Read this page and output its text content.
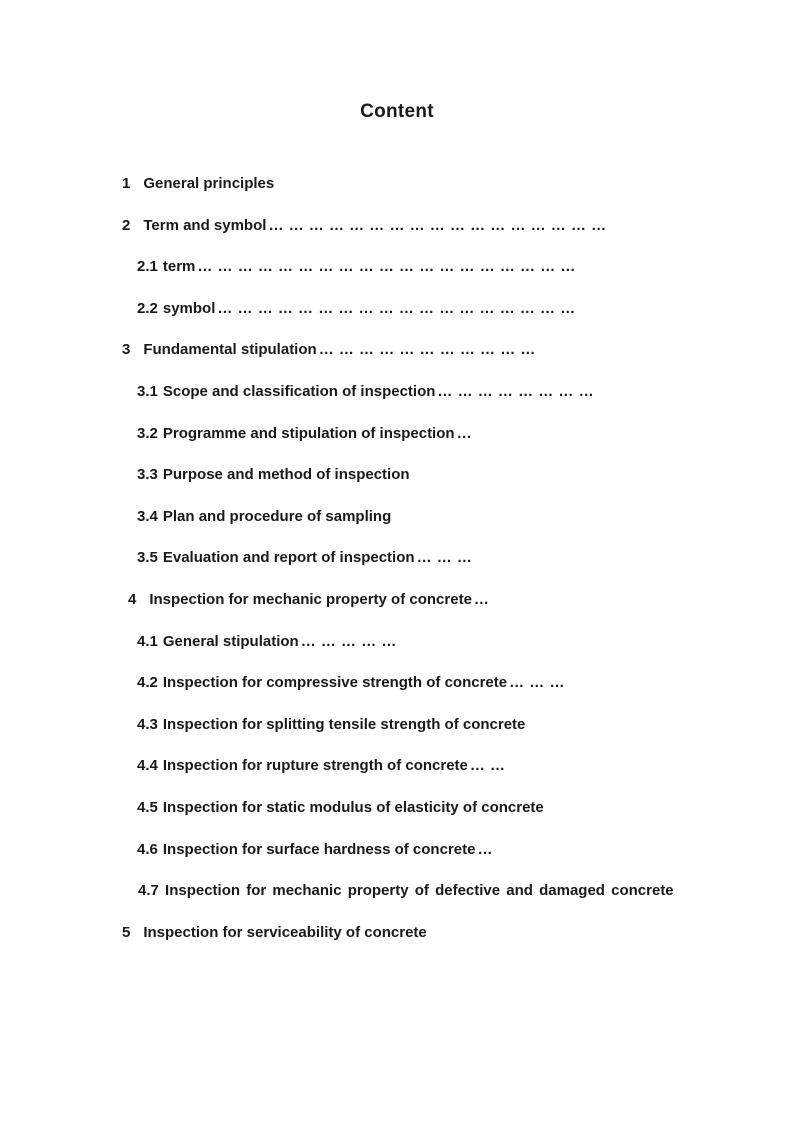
Content
1 General principles
2 Term and symbol … … … … … … … … … … … … … … … … …
2.1 term … … … … … … … … … … … … … … … … … … …
2.2 symbol … … … … … … … … … … … … … … … … … …
3 Fundamental stipulation … … … … … … … … … … …
3.1 Scope and classification of inspection … … … … … … … …
3.2 Programme and stipulation of inspection …
3.3 Purpose and method of inspection
3.4 Plan and procedure of sampling
3.5 Evaluation and report of inspection … … …
4 Inspection for mechanic property of concrete …
4.1 General stipulation … … … … …
4.2 Inspection for compressive strength of concrete … … …
4.3 Inspection for splitting tensile strength of concrete
4.4 Inspection for rupture strength of concrete … …
4.5 Inspection for static modulus of elasticity of concrete
4.6 Inspection for surface hardness of concrete …
4.7 Inspection for mechanic property of defective and damaged concrete
5 Inspection for serviceability of concrete
